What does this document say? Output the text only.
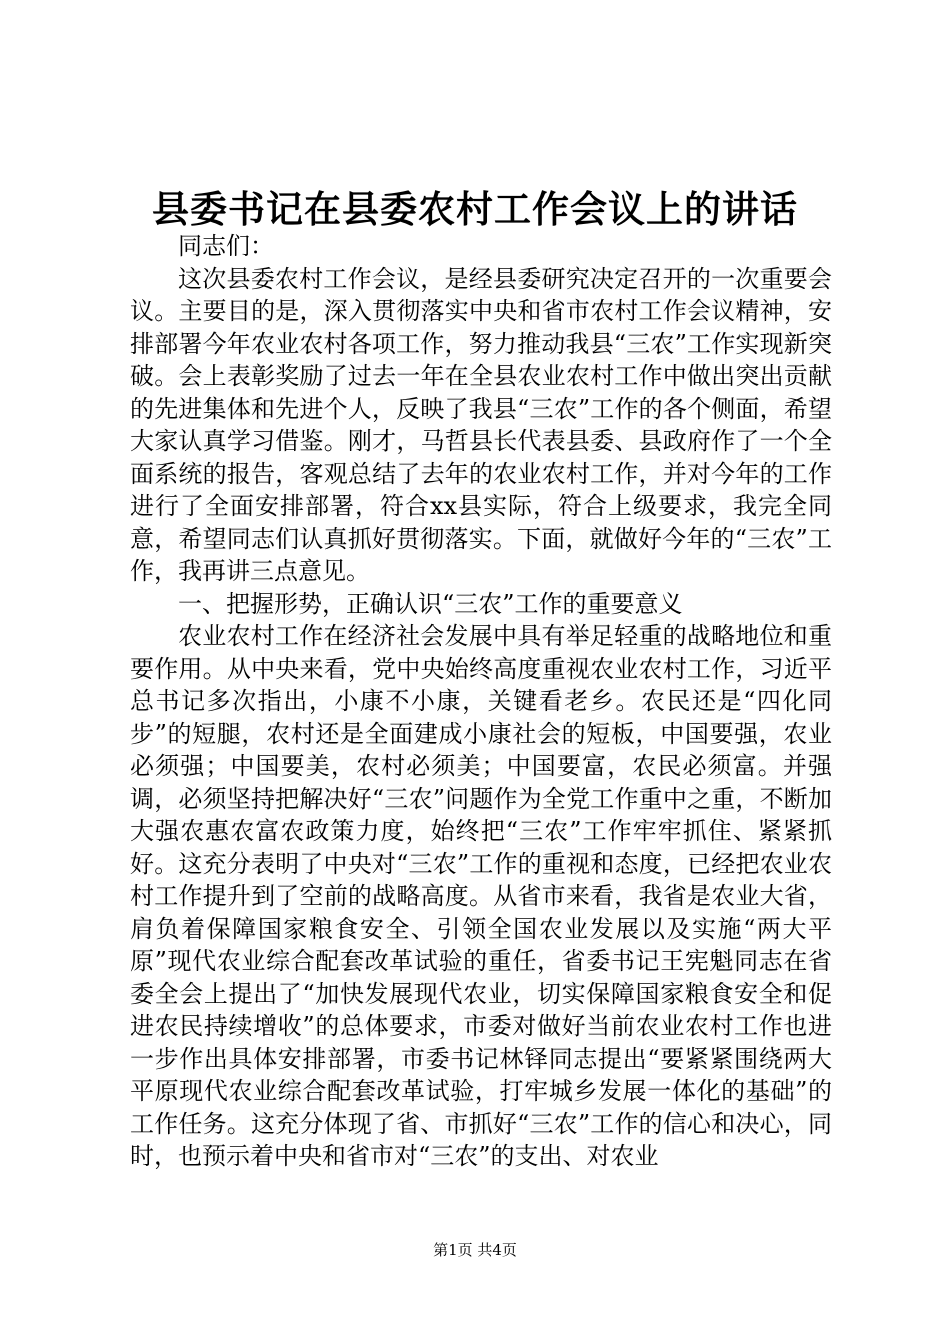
县委书记在县委农村工作会议上的讲话

同志们：

这次县委农村工作会议，是经县委研究决定召开的一次重要会议。主要目的是，深入贯彻落实中央和省市农村工作会议精神，安排部署今年农业农村各项工作，努力推动我县“三农”工作实现新突破。会上表彰奖励了过去一年在全县农业农村工作中做出突出贡献的先进集体和先进个人，反映了我县“三农”工作的各个侧面，希望大家认真学习借鉴。刚才，马哲县长代表县委、县政府作了一个全面系统的报告，客观总结了去年的农业农村工作，并对今年的工作进行了全面安排部署，符合xx县实际，符合上级要求，我完全同意，希望同志们认真抓好贯彻落实。下面，就做好今年的“三农”工作，我再讲三点意见。

一、把握形势，正确认识“三农”工作的重要意义

农业农村工作在经济社会发展中具有举足轻重的战略地位和重要作用。从中央来看，党中央始终高度重视农业农村工作，习近平总书记多次指出，小康不小康，关键看老乡。农民还是“四化同步”的短腿，农村还是全面建成小康社会的短板，中国要强，农业必须强；中国要美，农村必须美；中国要富，农民必须富。并强调，必须坚持把解决好“三农”问题作为全党工作重中之重，不断加大强农惠农富农政策力度，始终把“三农”工作牢牢抓住、紧紧抓好。这充分表明了中央对“三农”工作的重视和态度，已经把农业农村工作提升到了空前的战略高度。从省市来看，我省是农业大省，肩负着保障国家粮食安全、引领全国农业发展以及实施“两大平原”现代农业综合配套改革试验的重任，省委书记王宪魁同志在省委全会上提出了“加快发展现代农业，切实保障国家粮食安全和促进农民持续增收”的总体要求，市委对做好当前农业农村工作也进一步作出具体安排部署，市委书记林铎同志提出“要紧紧围绕两大平原现代农业综合配套改革试验，打牢城乡发展一体化的基础”的工作任务。这充分体现了省、市抓好“三农”工作的信心和决心，同时，也预示着中央和省市对“三农”的支出、对农业

第1页 共4页
